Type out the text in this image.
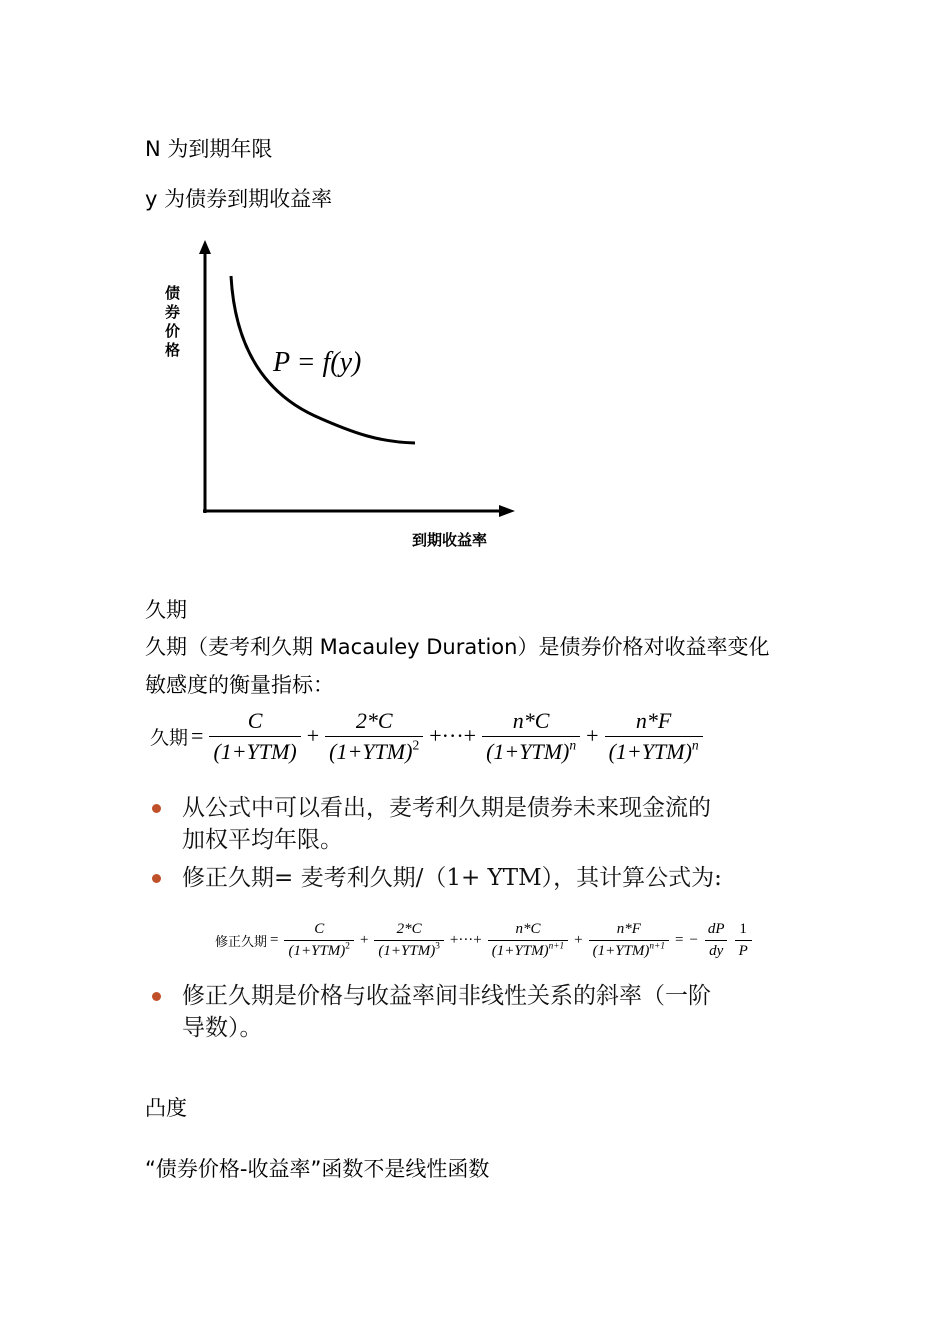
N 为到期年限
y 为债券到期收益率
债券价格
到期收益率
P = f(y)
久期
久期（麦考利久期 Macauley Duration）是债券价格对收益率变化
敏感度的衡量指标：
久期 = $\frac{C}{\text{(1+YTM)}} + \frac{2*C}{(1+YTM)^2}$ +···+ $\frac{n*C}{(1+YTM)^n} + \frac{n*F}{(1+YTM)^n}$
从公式中可以看出，麦考利久期是债券未来现金流的
加权平均年限。
修正久期= 麦考利久期/（1+ YTM），其计算公式为:
修正久期 = $\frac{C}{(1+YTM)^2} + \frac{2*C}{(1+YTM)^3}$ +···+ $\frac{n*C}{(1+YTM)^{n+1}} + \frac{n*F}{(1+YTM)^{n+1}}$ = − $\frac{dP}{dy} \frac{1}{P}$
修正久期是价格与收益率间非线性关系的斜率（一阶
导数）。
凸度
“债券价格-收益率”函数不是线性函数
